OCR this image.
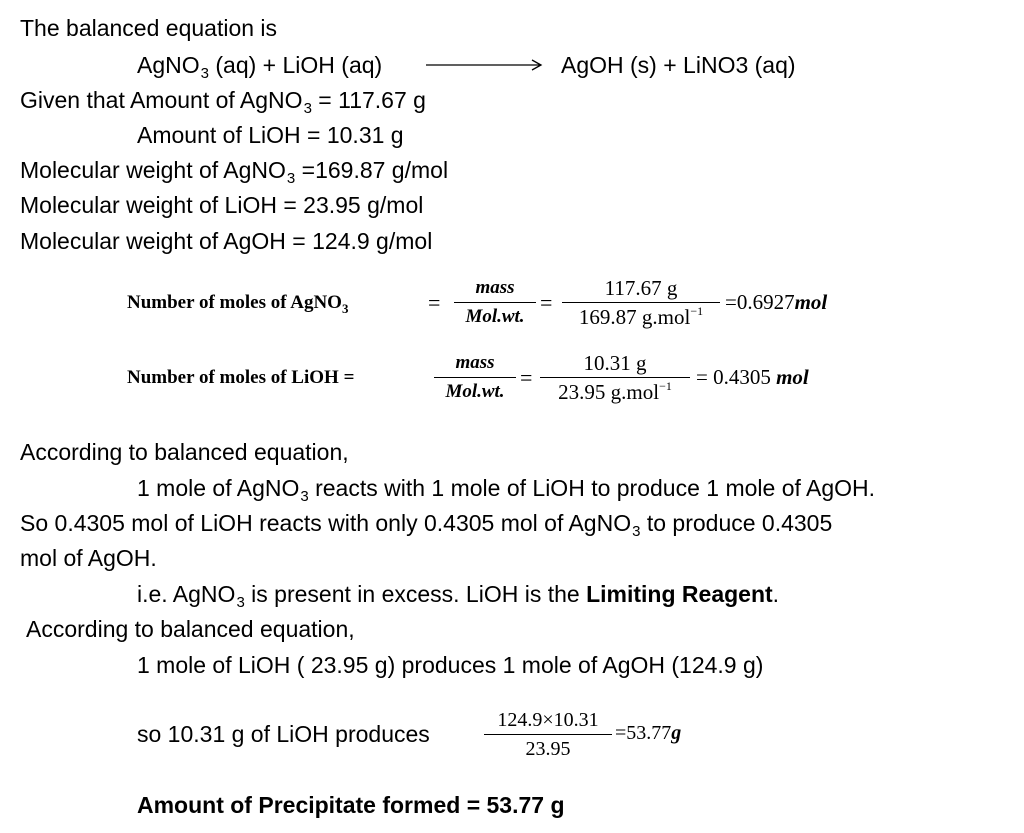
The balanced equation is
AgNO$_3$ (aq) + LiOH (aq)	AgOH (s) + LiNO3 (aq)
Given that Amount of AgNO$_3$ = 117.67 g
Amount of LiOH = 10.31 g
Molecular weight of AgNO$_3$ =169.87 g/mol
Molecular weight of LiOH = 23.95 g/mol
Molecular weight of AgOH = 124.9 g/mol
Number of moles of AgNO$_3$	=
mass
Mol.wt.
=
117.67 g
169.87 g.mol$^{-1}$	=0.6927mol
Number of moles of LiOH =
mass
Mol.wt.
=
10.31 g
23.95 g.mol$^{-1}$	= 0.4305 mol
According to balanced equation,
1 mole of AgNO$_3$ reacts with 1 mole of LiOH to produce 1 mole of AgOH.
So 0.4305 mol of LiOH reacts with only 0.4305 mol of AgNO$_3$ to produce 0.4305
mol of AgOH.
i.e. AgNO$_3$ is present in excess. LiOH is the Limiting Reagent.
According to balanced equation,
1 mole of LiOH ( 23.95 g) produces 1 mole of AgOH (124.9 g)
so 10.31 g of LiOH produces
124.9×10.31
23.95
=53.77g
Amount of Precipitate formed = 53.77 g
